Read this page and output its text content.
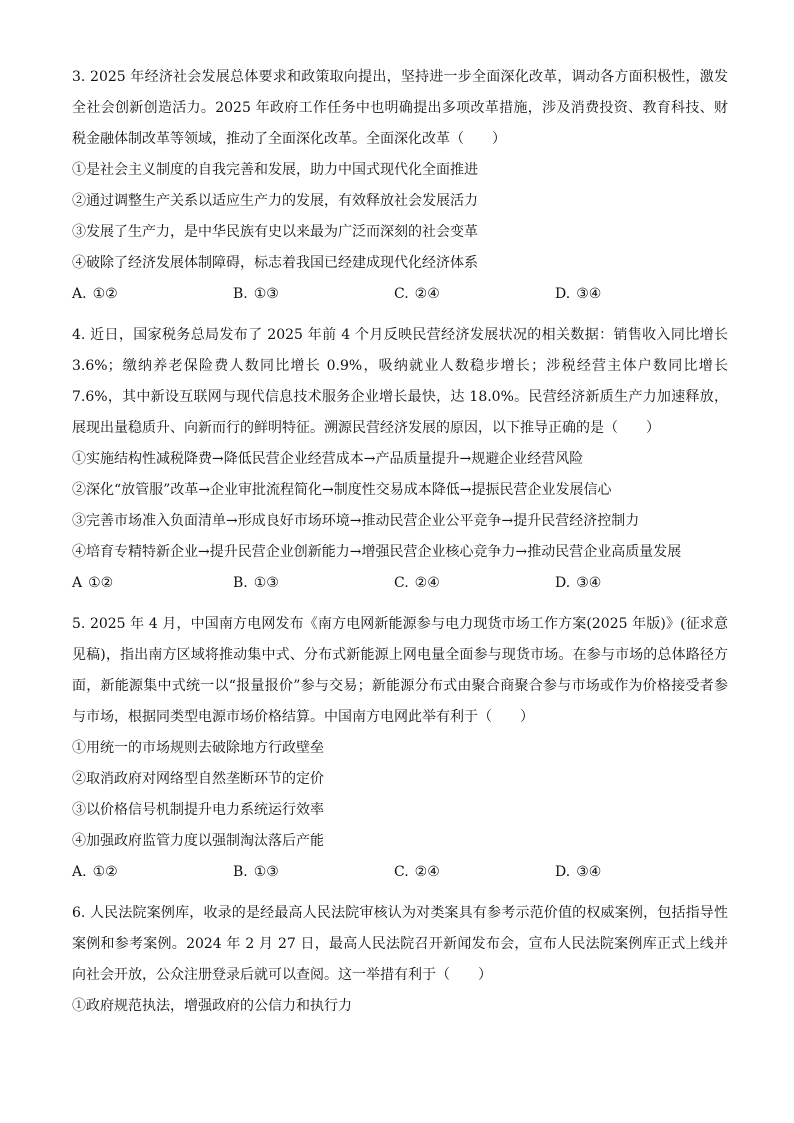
3. 2025 年经济社会发展总体要求和政策取向提出，坚持进一步全面深化改革，调动各方面积极性，激发全社会创新创造活力。2025 年政府工作任务中也明确提出多项改革措施，涉及消费投资、教育科技、财税金融体制改革等领域，推动了全面深化改革。全面深化改革（　　）

①是社会主义制度的自我完善和发展，助力中国式现代化全面推进

②通过调整生产关系以适应生产力的发展，有效释放社会发展活力

③发展了生产力，是中华民族有史以来最为广泛而深刻的社会变革

④破除了经济发展体制障碍，标志着我国已经建成现代化经济体系

A. ①②	B. ①③	C. ②④	D. ③④

4. 近日，国家税务总局发布了 2025 年前 4 个月反映民营经济发展状况的相关数据：销售收入同比增长 3.6%；缴纳养老保险费人数同比增长 0.9%，吸纳就业人数稳步增长；涉税经营主体户数同比增长 7.6%，其中新设互联网与现代信息技术服务企业增长最快，达 18.0%。民营经济新质生产力加速释放，展现出量稳质升、向新而行的鲜明特征。溯源民营经济发展的原因，以下推导正确的是（　　）

①实施结构性减税降费→降低民营企业经营成本→产品质量提升→规避企业经营风险

②深化“放管服”改革→企业审批流程简化→制度性交易成本降低→提振民营企业发展信心

③完善市场准入负面清单→形成良好市场环境→推动民营企业公平竞争→提升民营经济控制力

④培育专精特新企业→提升民营企业创新能力→增强民营企业核心竞争力→推动民营企业高质量发展

A ①②	B. ①③	C. ②④	D. ③④

5. 2025 年 4 月，中国南方电网发布《南方电网新能源参与电力现货市场工作方案(2025 年版)》(征求意见稿)，指出南方区域将推动集中式、分布式新能源上网电量全面参与现货市场。在参与市场的总体路径方面，新能源集中式统一以“报量报价”参与交易；新能源分布式由聚合商聚合参与市场或作为价格接受者参与市场，根据同类型电源市场价格结算。中国南方电网此举有利于（　　）

①用统一的市场规则去破除地方行政壁垒

②取消政府对网络型自然垄断环节的定价

③以价格信号机制提升电力系统运行效率

④加强政府监管力度以强制淘汰落后产能

A. ①②	B. ①③	C. ②④	D. ③④

6. 人民法院案例库，收录的是经最高人民法院审核认为对类案具有参考示范价值的权威案例，包括指导性案例和参考案例。2024 年 2 月 27 日，最高人民法院召开新闻发布会，宣布人民法院案例库正式上线并向社会开放，公众注册登录后就可以查阅。这一举措有利于（　　）

①政府规范执法，增强政府的公信力和执行力
